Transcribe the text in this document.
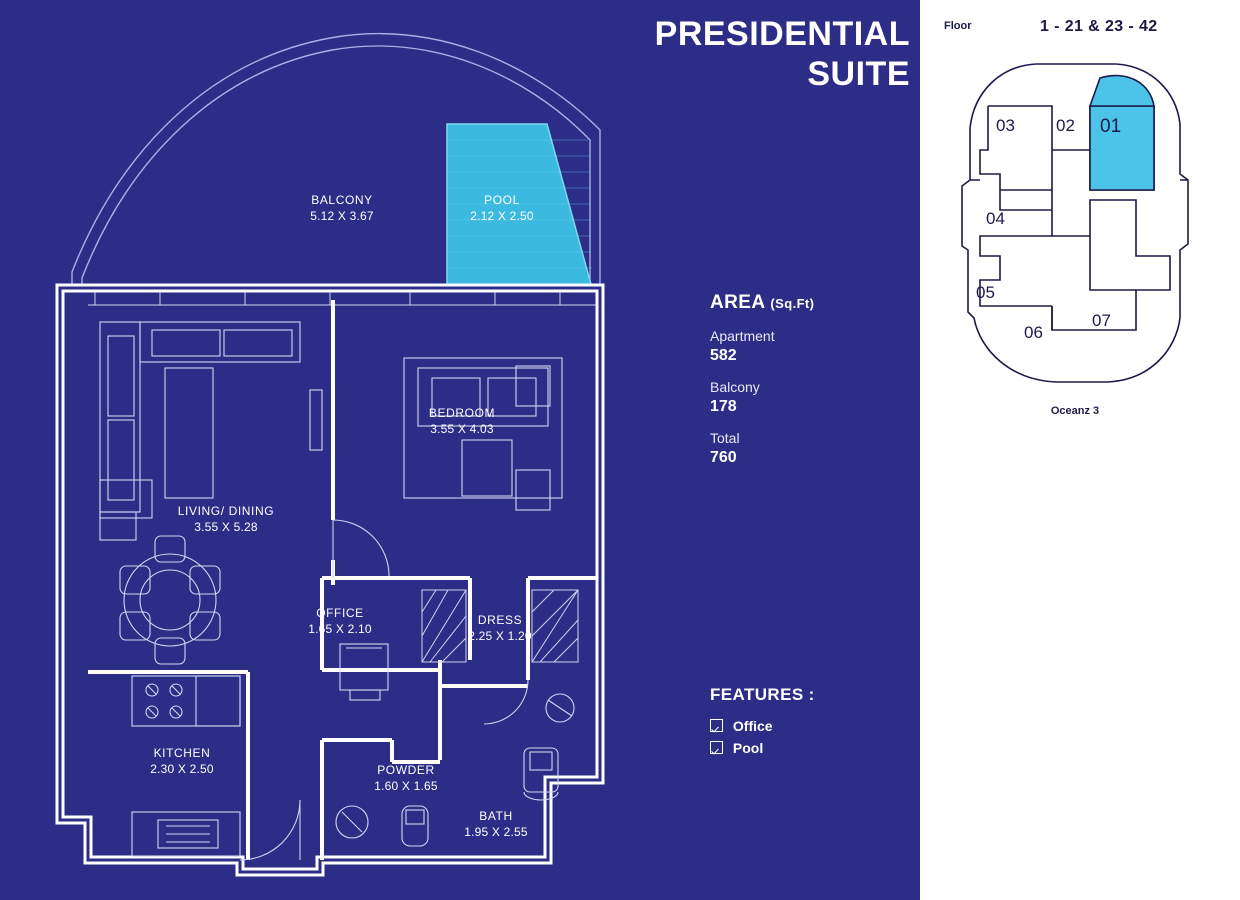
PRESIDENTIAL
SUITE
AREA (Sq.Ft)
Apartment
582
Balcony
178
Total
760
FEATURES :
Office
Pool
BALCONY
5.12 X 3.67
POOL
2.12 X 2.50
BEDROOM
3.55 X 4.03
LIVING/ DINING
3.55 X 5.28
OFFICE
1.65 X 2.10
DRESS
2.25 X 1.20
KITCHEN
2.30 X 2.50	POWDER
1.60 X 1.65
BATH
1.95 X 2.55
Floor	1 - 21 & 23 - 42
03 02 01
04
05
06
07
Oceanz 3
